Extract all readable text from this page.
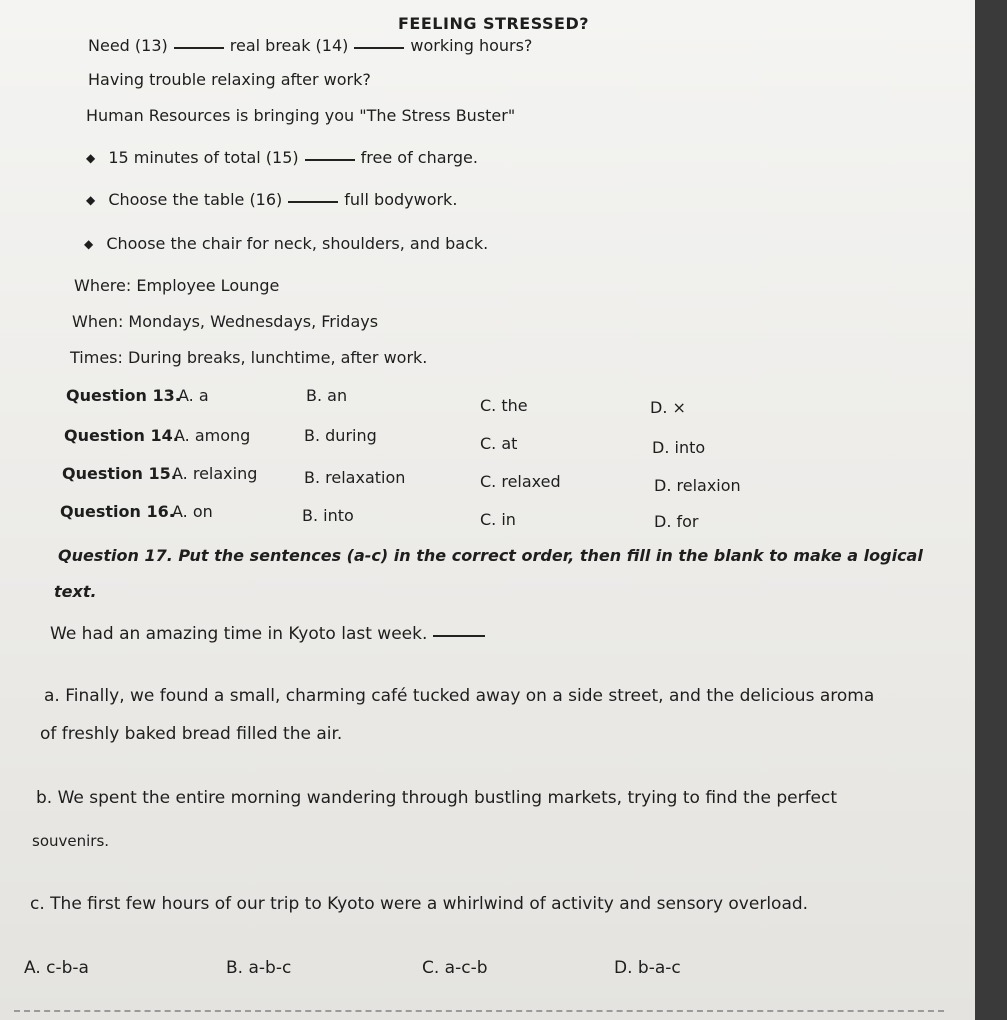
FEELING STRESSED?
Need (13)	real break (14)	working hours?
Having trouble relaxing after work?
Human Resources is bringing you "The Stress Buster"
◆ 15 minutes of total (15)	free of charge.
◆ Choose the table (16)	full bodywork.
◆ Choose the chair for neck, shoulders, and back.
Where: Employee Lounge
When: Mondays, Wednesdays, Fridays
Times: During breaks, lunchtime, after work.
Question 13.
A. a	B. an
C. the	D. ×
Question 14.
A. among	B. during	C. at	D. into
Question 15.
A. relaxing	B. relaxation	C. relaxed	D. relaxion
Question 16.
A. on	B. into	C. in	D. for
Question 17. Put the sentences (a-c) in the correct order, then fill in the blank to make a logical
text.
We had an amazing time in Kyoto last week.
a. Finally, we found a small, charming café tucked away on a side street, and the delicious aroma
of freshly baked bread filled the air.
b. We spent the entire morning wandering through bustling markets, trying to find the perfect
souvenirs.
c. The first few hours of our trip to Kyoto were a whirlwind of activity and sensory overload.
A. c-b-a	B. a-b-c	C. a-c-b	D. b-a-c
